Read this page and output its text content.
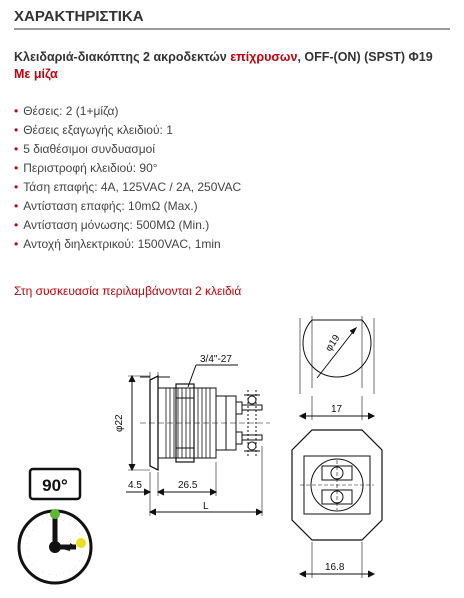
ΧΑΡΑΚΤΗΡΙΣΤΙΚΑ
Κλειδαριά-διακόπτης 2 ακροδεκτών επίχρυσων, OFF-(ON) (SPST) Φ19
Με μίζα
• Θέσεις: 2 (1+μίζα)
• Θέσεις εξαγωγής κλειδιού: 1
• 5 διαθέσιμοι συνδυασμοί
• Περιστροφή κλειδιού: 90°
• Τάση επαφής: 4A, 125VAC / 2A, 250VAC
• Αντίσταση επαφής: 10mΩ (Max.)
• Αντίσταση μόνωσης: 500MΩ (Min.)
• Αντοχή διηλεκτρικού: 1500VAC, 1min
Στη συσκευασία περιλαμβάνονται 2 κλειδιά
3/4"-27
φ22
φ19
17
16.8
4.5	26.5
L
90°
